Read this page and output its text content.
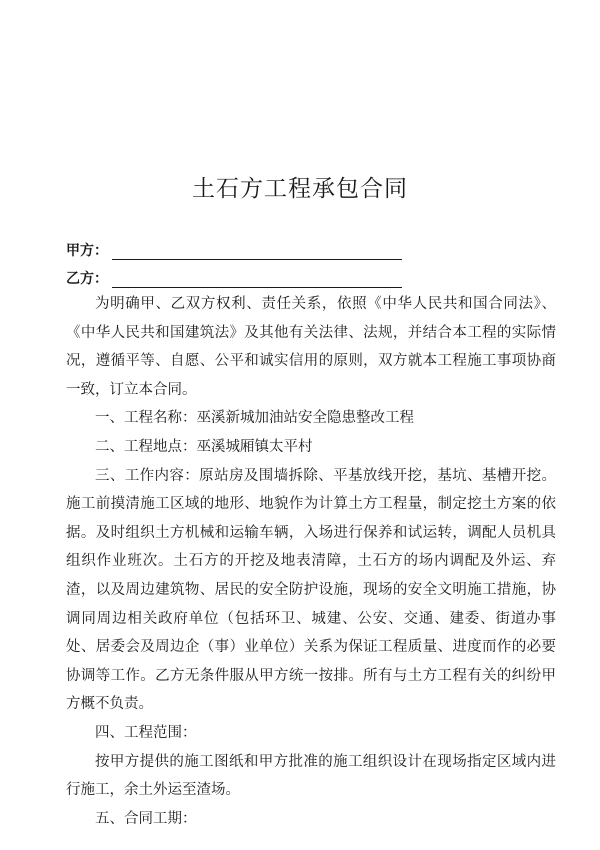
土石方工程承包合同
甲方：
乙方：

为明确甲、乙双方权利、责任关系，依照《中华人民共和国合同法》、《中华人民共和国建筑法》及其他有关法律、法规，并结合本工程的实际情况，遵循平等、自愿、公平和诚实信用的原则，双方就本工程施工事项协商一致，订立本合同。

一、工程名称：巫溪新城加油站安全隐患整改工程

二、工程地点：巫溪城厢镇太平村

三、工作内容：原站房及围墙拆除、平基放线开挖，基坑、基槽开挖。施工前摸清施工区域的地形、地貌作为计算土方工程量，制定挖土方案的依据。及时组织土方机械和运输车辆，入场进行保养和试运转，调配人员机具组织作业班次。土石方的开挖及地表清障，土石方的场内调配及外运、弃渣，以及周边建筑物、居民的安全防护设施，现场的安全文明施工措施，协调同周边相关政府单位（包括环卫、城建、公安、交通、建委、街道办事处、居委会及周边企（事）业单位）关系为保证工程质量、进度而作的必要协调等工作。乙方无条件服从甲方统一按排。所有与土方工程有关的纠纷甲方概不负责。

四、工程范围：

按甲方提供的施工图纸和甲方批准的施工组织设计在现场指定区域内进行施工，余土外运至渣场。

五、合同工期：
